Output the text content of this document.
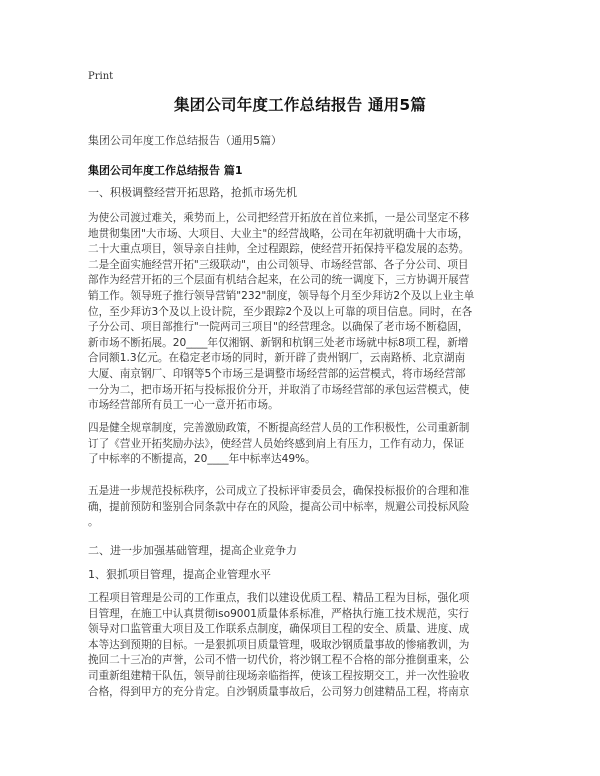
Print
集团公司年度工作总结报告 通用5篇
集团公司年度工作总结报告（通用5篇）
集团公司年度工作总结报告 篇1
一、积极调整经营开拓思路，抢抓市场先机
为使公司渡过难关，乘势而上，公司把经营开拓放在首位来抓，一是公司坚定不移
地贯彻集团"大市场、大项目、大业主"的经营战略，公司在年初就明确十大市场，
二十大重点项目，领导亲自挂帅，全过程跟踪，使经营开拓保持平稳发展的态势。
二是全面实施经营开拓"三级联动"，由公司领导、市场经营部、各子分公司、项目
部作为经营开拓的三个层面有机结合起来，在公司的统一调度下，三方协调开展营
销工作。领导班子推行领导营销"232"制度，领导每个月至少拜访2个及以上业主单
位，至少拜访3个及以上设计院，至少跟踪2个及以上可靠的项目信息。同时，在各
子分公司、项目部推行"一院两司三项目"的经营理念。以确保了老市场不断稳固，
新市场不断拓展。20____年仅湘钢、新钢和杭钢三处老市场就中标8项工程，新增
合同额1.3亿元。在稳定老市场的同时，新开辟了贵州钢厂，云南路桥、北京湖南
大厦、南京钢厂、印钢等5个市场三是调整市场经营部的运营模式，将市场经营部
一分为二，把市场开拓与投标报价分开，并取消了市场经营部的承包运营模式，使
市场经营部所有员工一心一意开拓市场。
四是健全规章制度，完善激励政策，不断提高经营人员的工作积极性，公司重新制
订了《营业开拓奖励办法》，使经营人员始终感到肩上有压力，工作有动力，保证
了中标率的不断提高，20____年中标率达49%。
五是进一步规范投标秩序，公司成立了投标评审委员会，确保投标报价的合理和准
确，提前预防和鉴别合同条款中存在的风险，提高公司中标率，规避公司投标风险
。
二、进一步加强基础管理，提高企业竞争力
1、狠抓项目管理，提高企业管理水平
工程项目管理是公司的工作重点，我们以建设优质工程、精品工程为目标，强化项
目管理，在施工中认真贯彻iso9001质量体系标准，严格执行施工技术规范，实行
领导对口监管重大项目及工作联系点制度，确保项目工程的安全、质量、进度、成
本等达到预期的目标。一是狠抓项目质量管理，吸取沙钢质量事故的惨痛教训，为
挽回二十三冶的声誉，公司不惜一切代价，将沙钢工程不合格的部分推倒重来，公
司重新组建精干队伍，领导前往现场亲临指挥，使该工程按期交工，并一次性验收
合格，得到甲方的充分肯定。自沙钢质量事故后，公司努力创建精品工程，将南京
